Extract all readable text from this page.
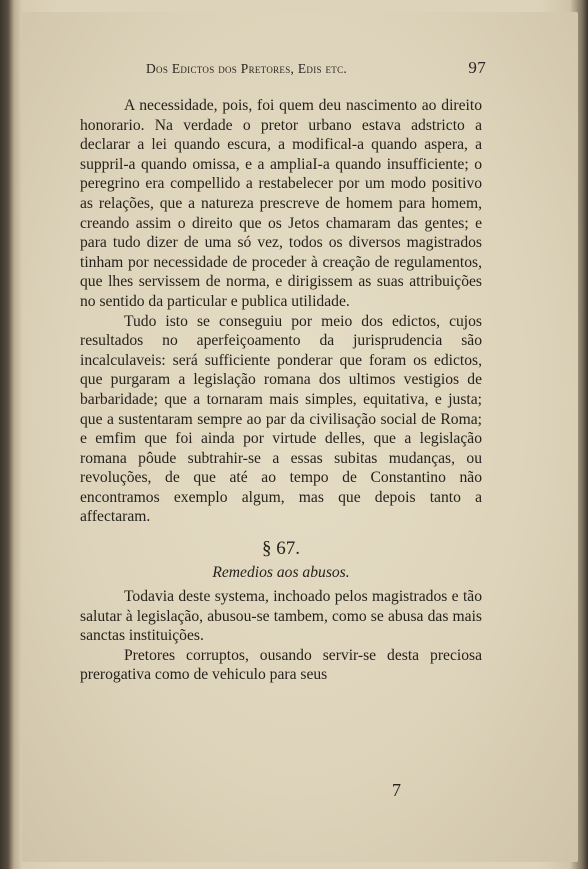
Dos Edictos dos Pretores, Edis etc.	97

A necessidade, pois, foi quem deu nascimento ao direito honorario. Na verdade o pretor urbano estava adstricto a declarar a lei quando escura, a modifical-a quando aspera, a suppril-a quando omissa, e a ampliaI-a quando insufficiente; o peregrino era compellido a restabelecer por um modo positivo as relações, que a natureza prescreve de homem para homem, creando assim o direito que os Jetos chamaram das gentes; e para tudo dizer de uma só vez, todos os diversos magistrados tinham por necessidade de proceder à creação de regulamentos, que lhes servissem de norma, e dirigissem as suas attribuições no sentido da particular e publica utilidade.

Tudo isto se conseguiu por meio dos edictos, cujos resultados no aperfeiçoamento da jurisprudencia são incalculaveis: será sufficiente ponderar que foram os edictos, que purgaram a legislação romana dos ultimos vestigios de barbaridade; que a tornaram mais simples, equitativa, e justa; que a sustentaram sempre ao par da civilisação social de Roma; e emfim que foi ainda por virtude delles, que a legislação romana pôude subtrahir-se a essas subitas mudanças, ou revoluções, de que até ao tempo de Constantino não encontramos exemplo algum, mas que depois tanto a affectaram.

§ 67.
Remedios aos abusos.

Todavia deste systema, inchoado pelos magistrados e tão salutar à legislação, abusou-se tambem, como se abusa das mais sanctas instituições.

Pretores corruptos, ousando servir-se desta preciosa prerogativa como de vehiculo para seus

7
